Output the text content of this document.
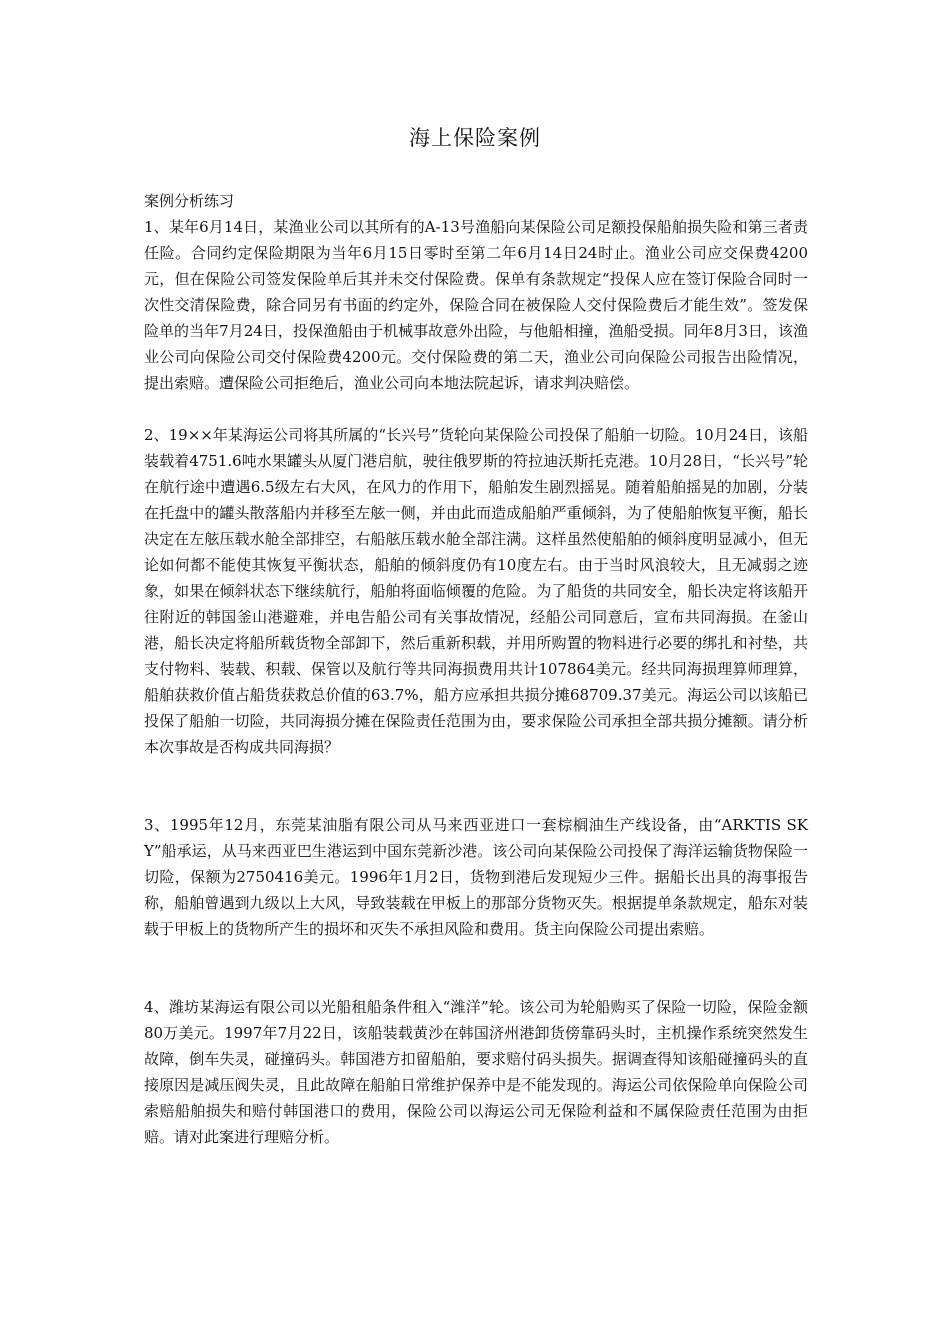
海上保险案例

案例分析练习

1、某年6月14日，某渔业公司以其所有的A-13号渔船向某保险公司足额投保船舶损失险和第三者责任险。合同约定保险期限为当年6月15日零时至第二年6月14日24时止。渔业公司应交保费4200元，但在保险公司签发保险单后其并未交付保险费。保单有条款规定“投保人应在签订保险合同时一次性交清保险费，除合同另有书面的约定外，保险合同在被保险人交付保险费后才能生效”。签发保险单的当年7月24日，投保渔船由于机械事故意外出险，与他船相撞，渔船受损。同年8月3日，该渔业公司向保险公司交付保险费4200元。交付保险费的第二天，渔业公司向保险公司报告出险情况，提出索赔。遭保险公司拒绝后，渔业公司向本地法院起诉，请求判决赔偿。

2、19××年某海运公司将其所属的“长兴号”货轮向某保险公司投保了船舶一切险。10月24日，该船装载着4751.6吨水果罐头从厦门港启航，驶往俄罗斯的符拉迪沃斯托克港。10月28日，“长兴号”轮在航行途中遭遇6.5级左右大风，在风力的作用下，船舶发生剧烈摇晃。随着船舶摇晃的加剧，分装在托盘中的罐头散落船内并移至左舷一侧，并由此而造成船舶严重倾斜，为了使船舶恢复平衡，船长决定在左舷压载水舱全部排空，右船舷压载水舱全部注满。这样虽然使船舶的倾斜度明显减小，但无论如何都不能使其恢复平衡状态，船舶的倾斜度仍有10度左右。由于当时风浪较大，且无减弱之迹象，如果在倾斜状态下继续航行，船舶将面临倾覆的危险。为了船货的共同安全，船长决定将该船开往附近的韩国釜山港避难，并电告船公司有关事故情况，经船公司同意后，宣布共同海损。在釜山港，船长决定将船所载货物全部卸下，然后重新积载，并用所购置的物料进行必要的绑扎和衬垫，共支付物料、装载、积载、保管以及航行等共同海损费用共计107864美元。经共同海损理算师理算，船舶获救价值占船货获救总价值的63.7%，船方应承担共损分摊68709.37美元。海运公司以该船已投保了船舶一切险，共同海损分摊在保险责任范围为由，要求保险公司承担全部共损分摊额。请分析本次事故是否构成共同海损？

3、1995年12月，东莞某油脂有限公司从马来西亚进口一套棕榈油生产线设备，由“ARKTIS SKY”船承运，从马来西亚巴生港运到中国东莞新沙港。该公司向某保险公司投保了海洋运输货物保险一切险，保额为2750416美元。1996年1月2日，货物到港后发现短少三件。据船长出具的海事报告称，船舶曾遇到九级以上大风，导致装载在甲板上的那部分货物灭失。根据提单条款规定，船东对装载于甲板上的货物所产生的损坏和灭失不承担风险和费用。货主向保险公司提出索赔。

4、潍坊某海运有限公司以光船租船条件租入“潍洋”轮。该公司为轮船购买了保险一切险，保险金额80万美元。1997年7月22日，该船装载黄沙在韩国济州港卸货傍靠码头时，主机操作系统突然发生故障，倒车失灵，碰撞码头。韩国港方扣留船舶，要求赔付码头损失。据调查得知该船碰撞码头的直接原因是减压阀失灵，且此故障在船舶日常维护保养中是不能发现的。海运公司依保险单向保险公司索赔船舶损失和赔付韩国港口的费用，保险公司以海运公司无保险利益和不属保险责任范围为由拒赔。请对此案进行理赔分析。
